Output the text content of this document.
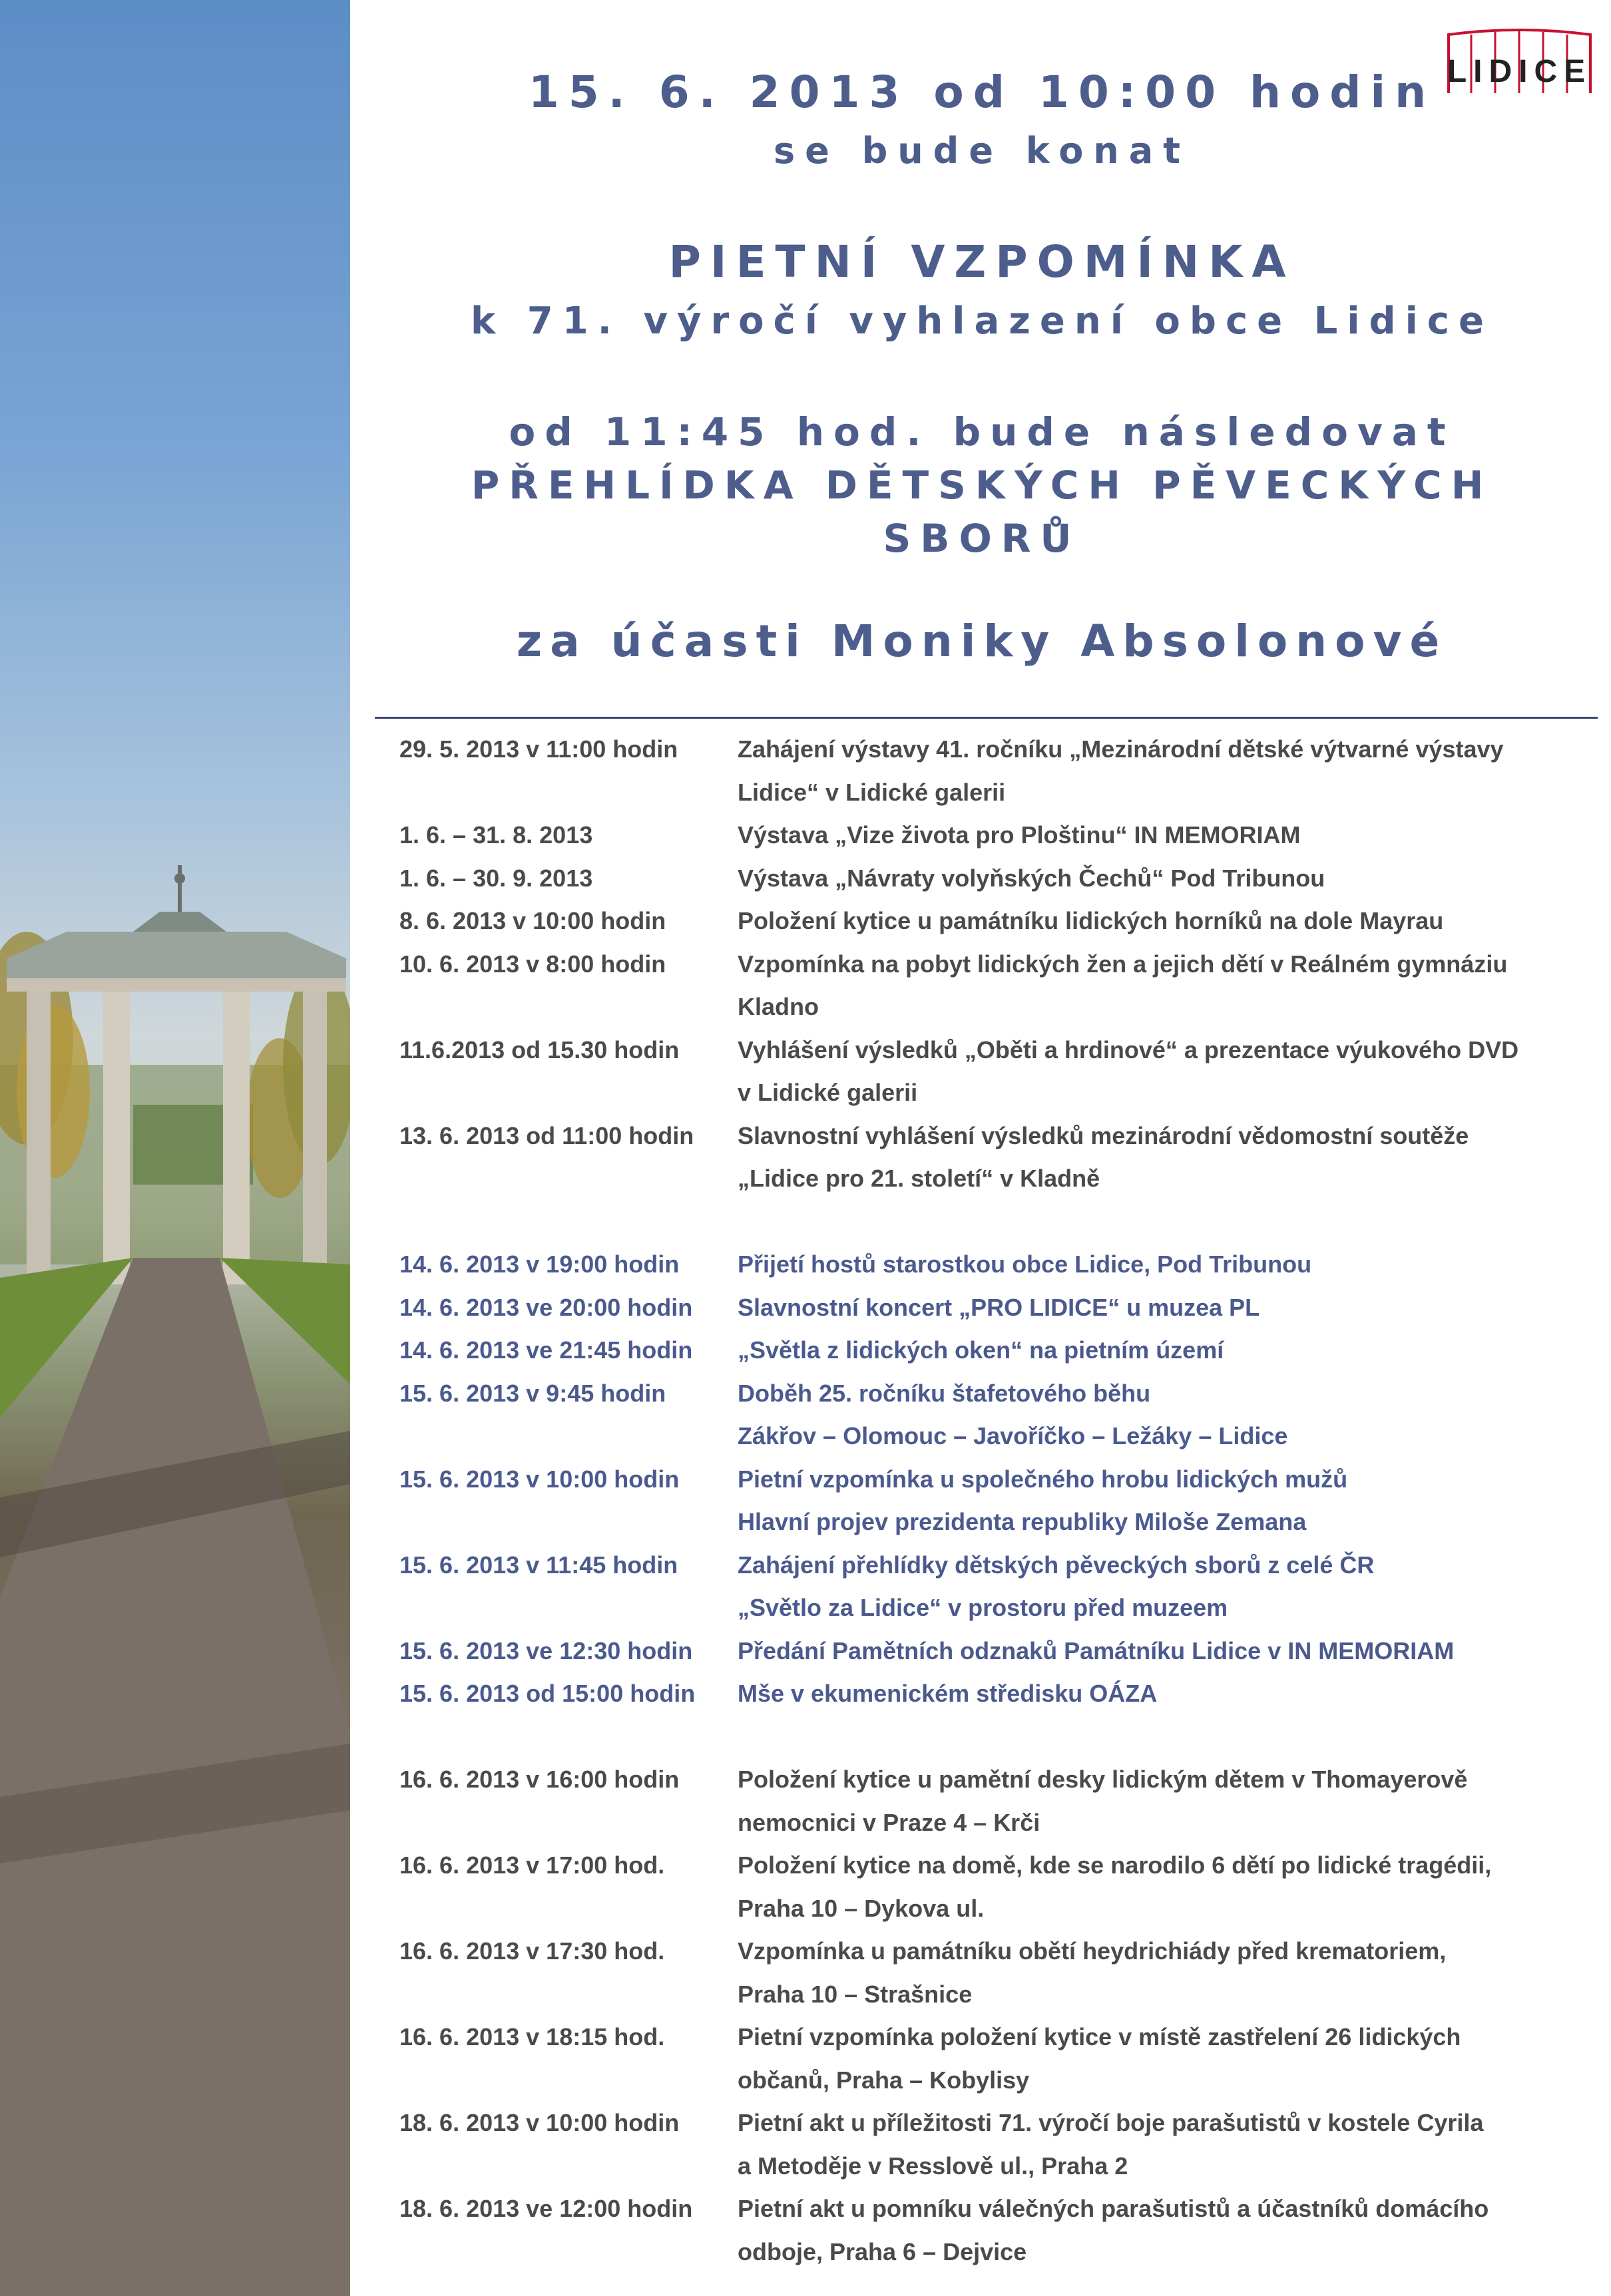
LIDICE
15. 6. 2013 od 10:00 hodin
se bude konat
PIETNÍ VZPOMÍNKA
k 71. výročí vyhlazení obce Lidice
od 11:45 hod. bude následovat
PŘEHLÍDKA DĚTSKÝCH PĚVECKÝCH
SBORŮ
za účasti Moniky Absolonové
29. 5. 2013 v 11:00 hodin	Zahájení výstavy 41. ročníku „Mezinárodní dětské výtvarné výstavy
Lidice“ v Lidické galerii
1. 6. – 31. 8. 2013	Výstava „Vize života pro Ploštinu“ IN MEMORIAM
1. 6. – 30. 9. 2013	Výstava „Návraty volyňských Čechů“ Pod Tribunou
8. 6. 2013 v 10:00 hodin	Položení kytice u památníku lidických horníků na dole Mayrau
10. 6. 2013 v 8:00 hodin	Vzpomínka na pobyt lidických žen a jejich dětí v Reálném gymnáziu
Kladno
11.6.2013 od 15.30 hodin	Vyhlášení výsledků „Oběti a hrdinové“ a prezentace výukového DVD
v Lidické galerii
13. 6. 2013 od 11:00 hodin	Slavnostní vyhlášení výsledků mezinárodní vědomostní soutěže
„Lidice pro 21. století“ v Kladně
14. 6. 2013 v 19:00 hodin	Přijetí hostů starostkou obce Lidice, Pod Tribunou
14. 6. 2013 ve 20:00 hodin	Slavnostní koncert „PRO LIDICE“ u muzea PL
14. 6. 2013 ve 21:45 hodin	„Světla z lidických oken“ na pietním území
15. 6. 2013 v 9:45 hodin	Doběh 25. ročníku štafetového běhu
Zákřov – Olomouc – Javoříčko – Ležáky – Lidice
15. 6. 2013 v 10:00 hodin	Pietní vzpomínka u společného hrobu lidických mužů
Hlavní projev prezidenta republiky Miloše Zemana
15. 6. 2013 v 11:45 hodin	Zahájení přehlídky dětských pěveckých sborů z celé ČR
„Světlo za Lidice“ v prostoru před muzeem
15. 6. 2013 ve 12:30 hodin	Předání Pamětních odznaků Památníku Lidice v IN MEMORIAM
15. 6. 2013 od 15:00 hodin	Mše v ekumenickém středisku OÁZA
16. 6. 2013 v 16:00 hodin	Položení kytice u pamětní desky lidickým dětem v Thomayerově
nemocnici v Praze 4 – Krči
16. 6. 2013 v 17:00 hod.	Položení kytice na domě, kde se narodilo 6 dětí po lidické tragédii,
Praha 10 – Dykova ul.
16. 6. 2013 v 17:30 hod.	Vzpomínka u památníku obětí heydrichiády před krematoriem,
Praha 10 – Strašnice
16. 6. 2013 v 18:15 hod.	Pietní vzpomínka položení kytice v místě zastřelení 26 lidických
občanů, Praha – Kobylisy
18. 6. 2013 v 10:00 hodin	Pietní akt u příležitosti 71. výročí boje parašutistů v kostele Cyrila
a Metoděje v Resslově ul., Praha 2
18. 6. 2013 ve 12:00 hodin	Pietní akt u pomníku válečných parašutistů a účastníků domácího
odboje, Praha 6 – Dejvice
